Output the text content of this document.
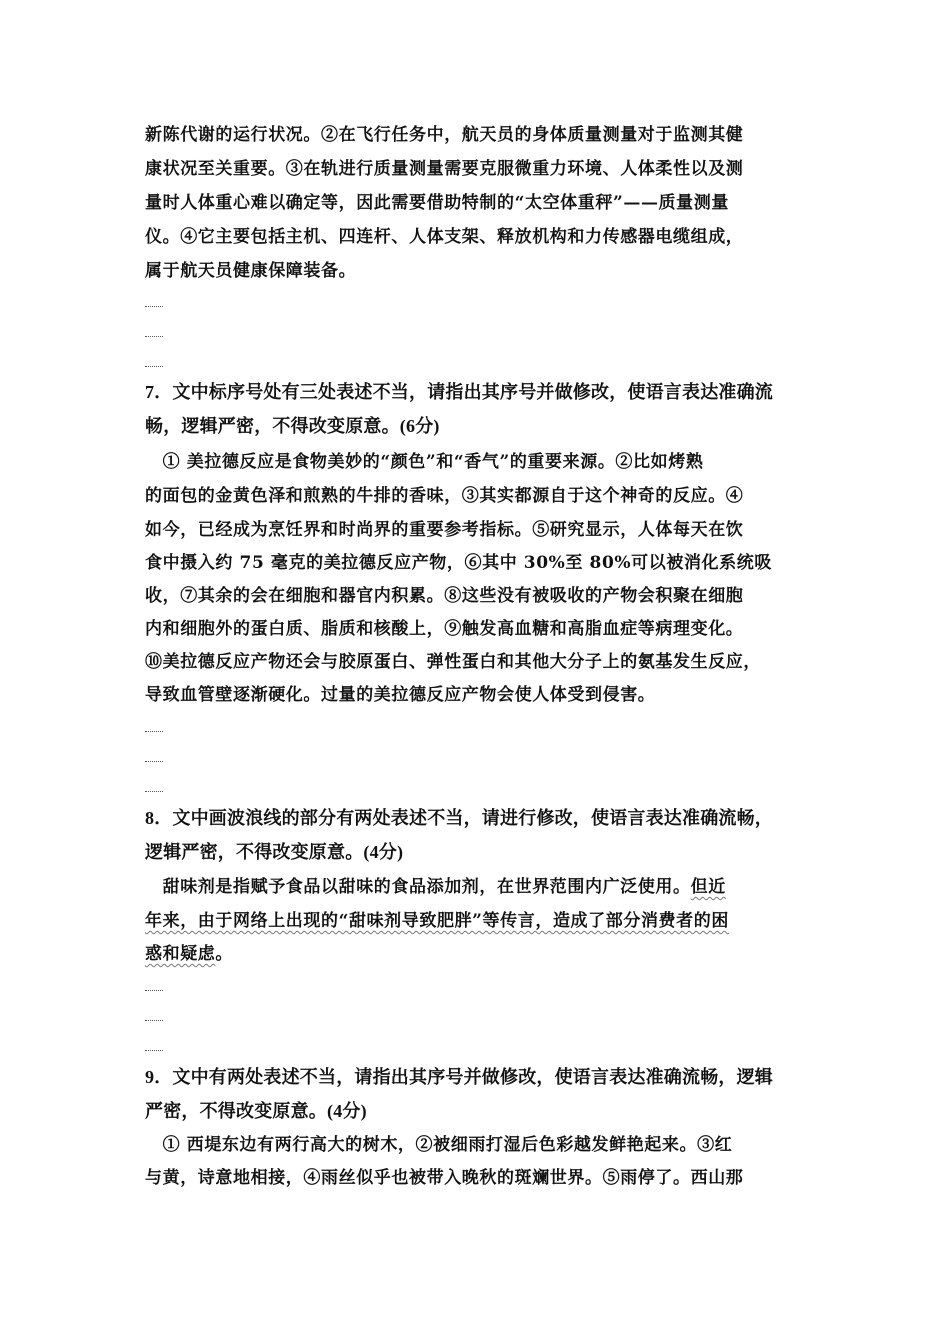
新陈代谢的运行状况。②在飞行任务中，航天员的身体质量测量对于监测其健
康状况至关重要。③在轨进行质量测量需要克服微重力环境、人体柔性以及测
量时人体重心难以确定等，因此需要借助特制的“太空体重秤”——质量测量
仪。④它主要包括主机、四连杆、人体支架、释放机构和力传感器电缆组成，
属于航天员健康保障装备。
7．文中标序号处有三处表述不当，请指出其序号并做修改，使语言表达准确流
畅，逻辑严密，不得改变原意。(6分)
　① 美拉德反应是食物美妙的“颜色”和“香气”的重要来源。②比如烤熟
的面包的金黄色泽和煎熟的牛排的香味，③其实都源自于这个神奇的反应。④
如今，已经成为烹饪界和时尚界的重要参考指标。⑤研究显示，人体每天在饮
食中摄入约 75 毫克的美拉德反应产物，⑥其中 30%至 80%可以被消化系统吸
收，⑦其余的会在细胞和器官内积累。⑧这些没有被吸收的产物会积聚在细胞
内和细胞外的蛋白质、脂质和核酸上，⑨触发高血糖和高脂血症等病理变化。
⑩美拉德反应产物还会与胶原蛋白、弹性蛋白和其他大分子上的氨基发生反应，
导致血管壁逐渐硬化。过量的美拉德反应产物会使人体受到侵害。
8．文中画波浪线的部分有两处表述不当，请进行修改，使语言表达准确流畅，
逻辑严密，不得改变原意。(4分)
　甜味剂是指赋予食品以甜味的食品添加剂，在世界范围内广泛使用。但近
年来，由于网络上出现的“甜味剂导致肥胖”等传言，造成了部分消费者的困
惑和疑虑。
9．文中有两处表述不当，请指出其序号并做修改，使语言表达准确流畅，逻辑
严密，不得改变原意。(4分)
　① 西堤东边有两行高大的树木，②被细雨打湿后色彩越发鲜艳起来。③红
与黄，诗意地相接，④雨丝似乎也被带入晚秋的斑斓世界。⑤雨停了。西山那
